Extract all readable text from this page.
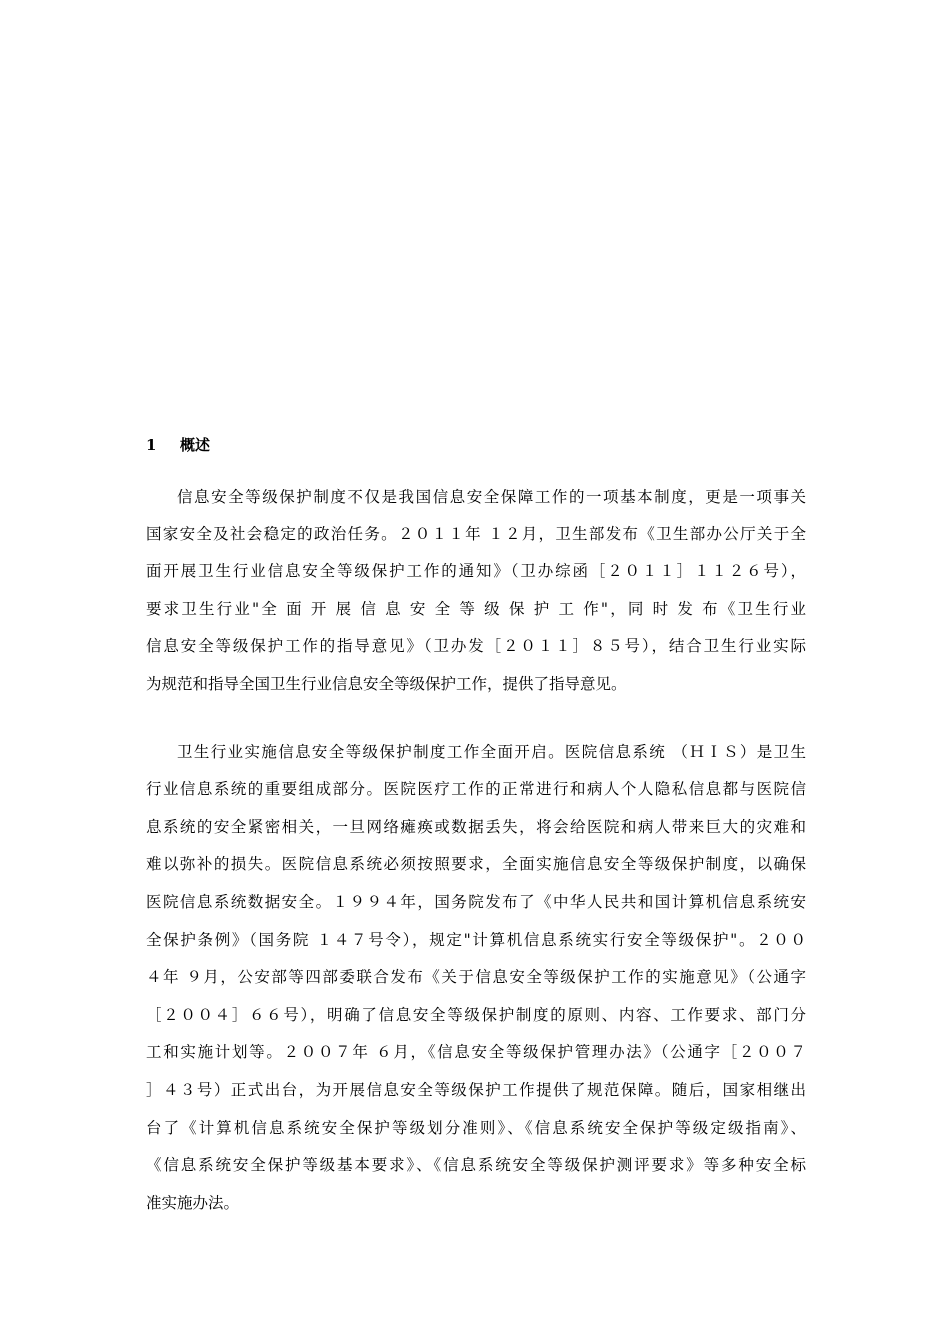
1 概述
信息安全等级保护制度不仅是我国信息安全保障工作的一项基本制度，更是一项事关
国家安全及社会稳定的政治任务。２０１１年 １２月，卫生部发布《卫生部办公厅关于全
面开展卫生行业信息安全等级保护工作的通知》（卫办综函［２０１１］１１２６号），
要求卫生行业"全 面 开 展 信 息 安 全 等 级 保 护 工 作"，同 时 发 布《卫生行业
信息安全等级保护工作的指导意见》（卫办发［２０１１］８５号），结合卫生行业实际
为规范和指导全国卫生行业信息安全等级保护工作，提供了指导意见。
卫生行业实施信息安全等级保护制度工作全面开启。医院信息系统 （ＨＩＳ）是卫生
行业信息系统的重要组成部分。医院医疗工作的正常进行和病人个人隐私信息都与医院信
息系统的安全紧密相关，一旦网络瘫痪或数据丢失，将会给医院和病人带来巨大的灾难和
难以弥补的损失。医院信息系统必须按照要求，全面实施信息安全等级保护制度，以确保
医院信息系统数据安全。１９９４年，国务院发布了《中华人民共和国计算机信息系统安
全保护条例》（国务院 １４７号令），规定"计算机信息系统实行安全等级保护"。２００
４年 ９月，公安部等四部委联合发布《关于信息安全等级保护工作的实施意见》（公通字
［２００４］６６号），明确了信息安全等级保护制度的原则、内容、工作要求、部门分
工和实施计划等。２００７年 ６月，《信息安全等级保护管理办法》（公通字［２００７
］４３号）正式出台，为开展信息安全等级保护工作提供了规范保障。随后，国家相继出
台了《计算机信息系统安全保护等级划分准则》、《信息系统安全保护等级定级指南》、
《信息系统安全保护等级基本要求》、《信息系统安全等级保护测评要求》等多种安全标
准实施办法。
